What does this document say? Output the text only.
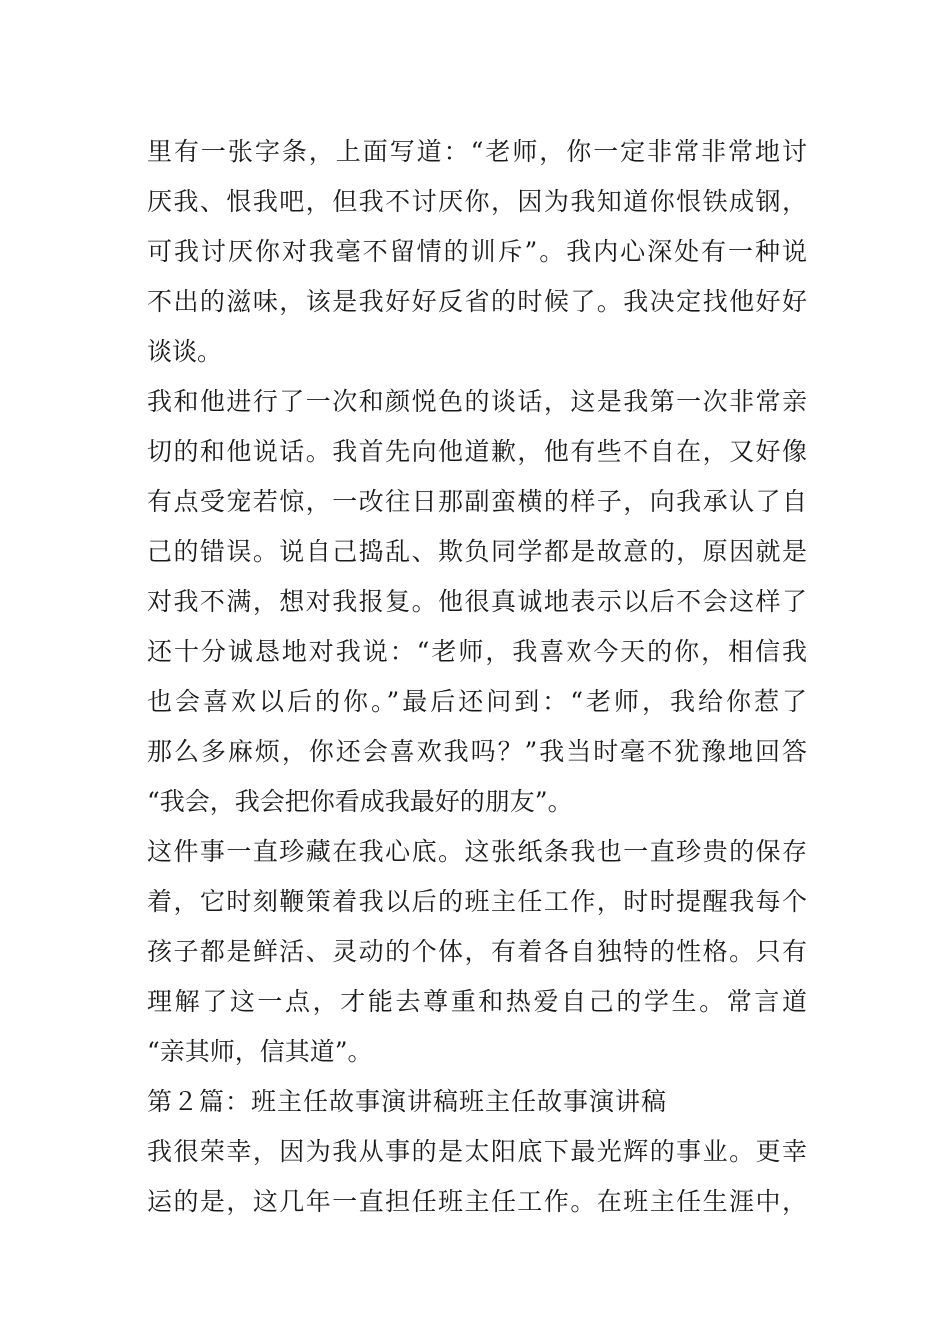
里有一张字条，上面写道：“老师，你一定非常非常地讨
厌我、恨我吧，但我不讨厌你，因为我知道你恨铁成钢，
可我讨厌你对我毫不留情的训斥”。我内心深处有一种说
不出的滋味，该是我好好反省的时候了。我决定找他好好
谈谈。
我和他进行了一次和颜悦色的谈话，这是我第一次非常亲
切的和他说话。我首先向他道歉，他有些不自在，又好像
有点受宠若惊，一改往日那副蛮横的样子，向我承认了自
己的错误。说自己捣乱、欺负同学都是故意的，原因就是
对我不满，想对我报复。他很真诚地表示以后不会这样了
还十分诚恳地对我说：“老师，我喜欢今天的你，相信我
也会喜欢以后的你。”最后还问到：“老师，我给你惹了
那么多麻烦，你还会喜欢我吗？”我当时毫不犹豫地回答
“我会，我会把你看成我最好的朋友”。
这件事一直珍藏在我心底。这张纸条我也一直珍贵的保存
着，它时刻鞭策着我以后的班主任工作，时时提醒我每个
孩子都是鲜活、灵动的个体，有着各自独特的性格。只有
理解了这一点，才能去尊重和热爱自己的学生。常言道
“亲其师，信其道”。
第２篇：班主任故事演讲稿班主任故事演讲稿
我很荣幸，因为我从事的是太阳底下最光辉的事业。更幸
运的是，这几年一直担任班主任工作。在班主任生涯中，
